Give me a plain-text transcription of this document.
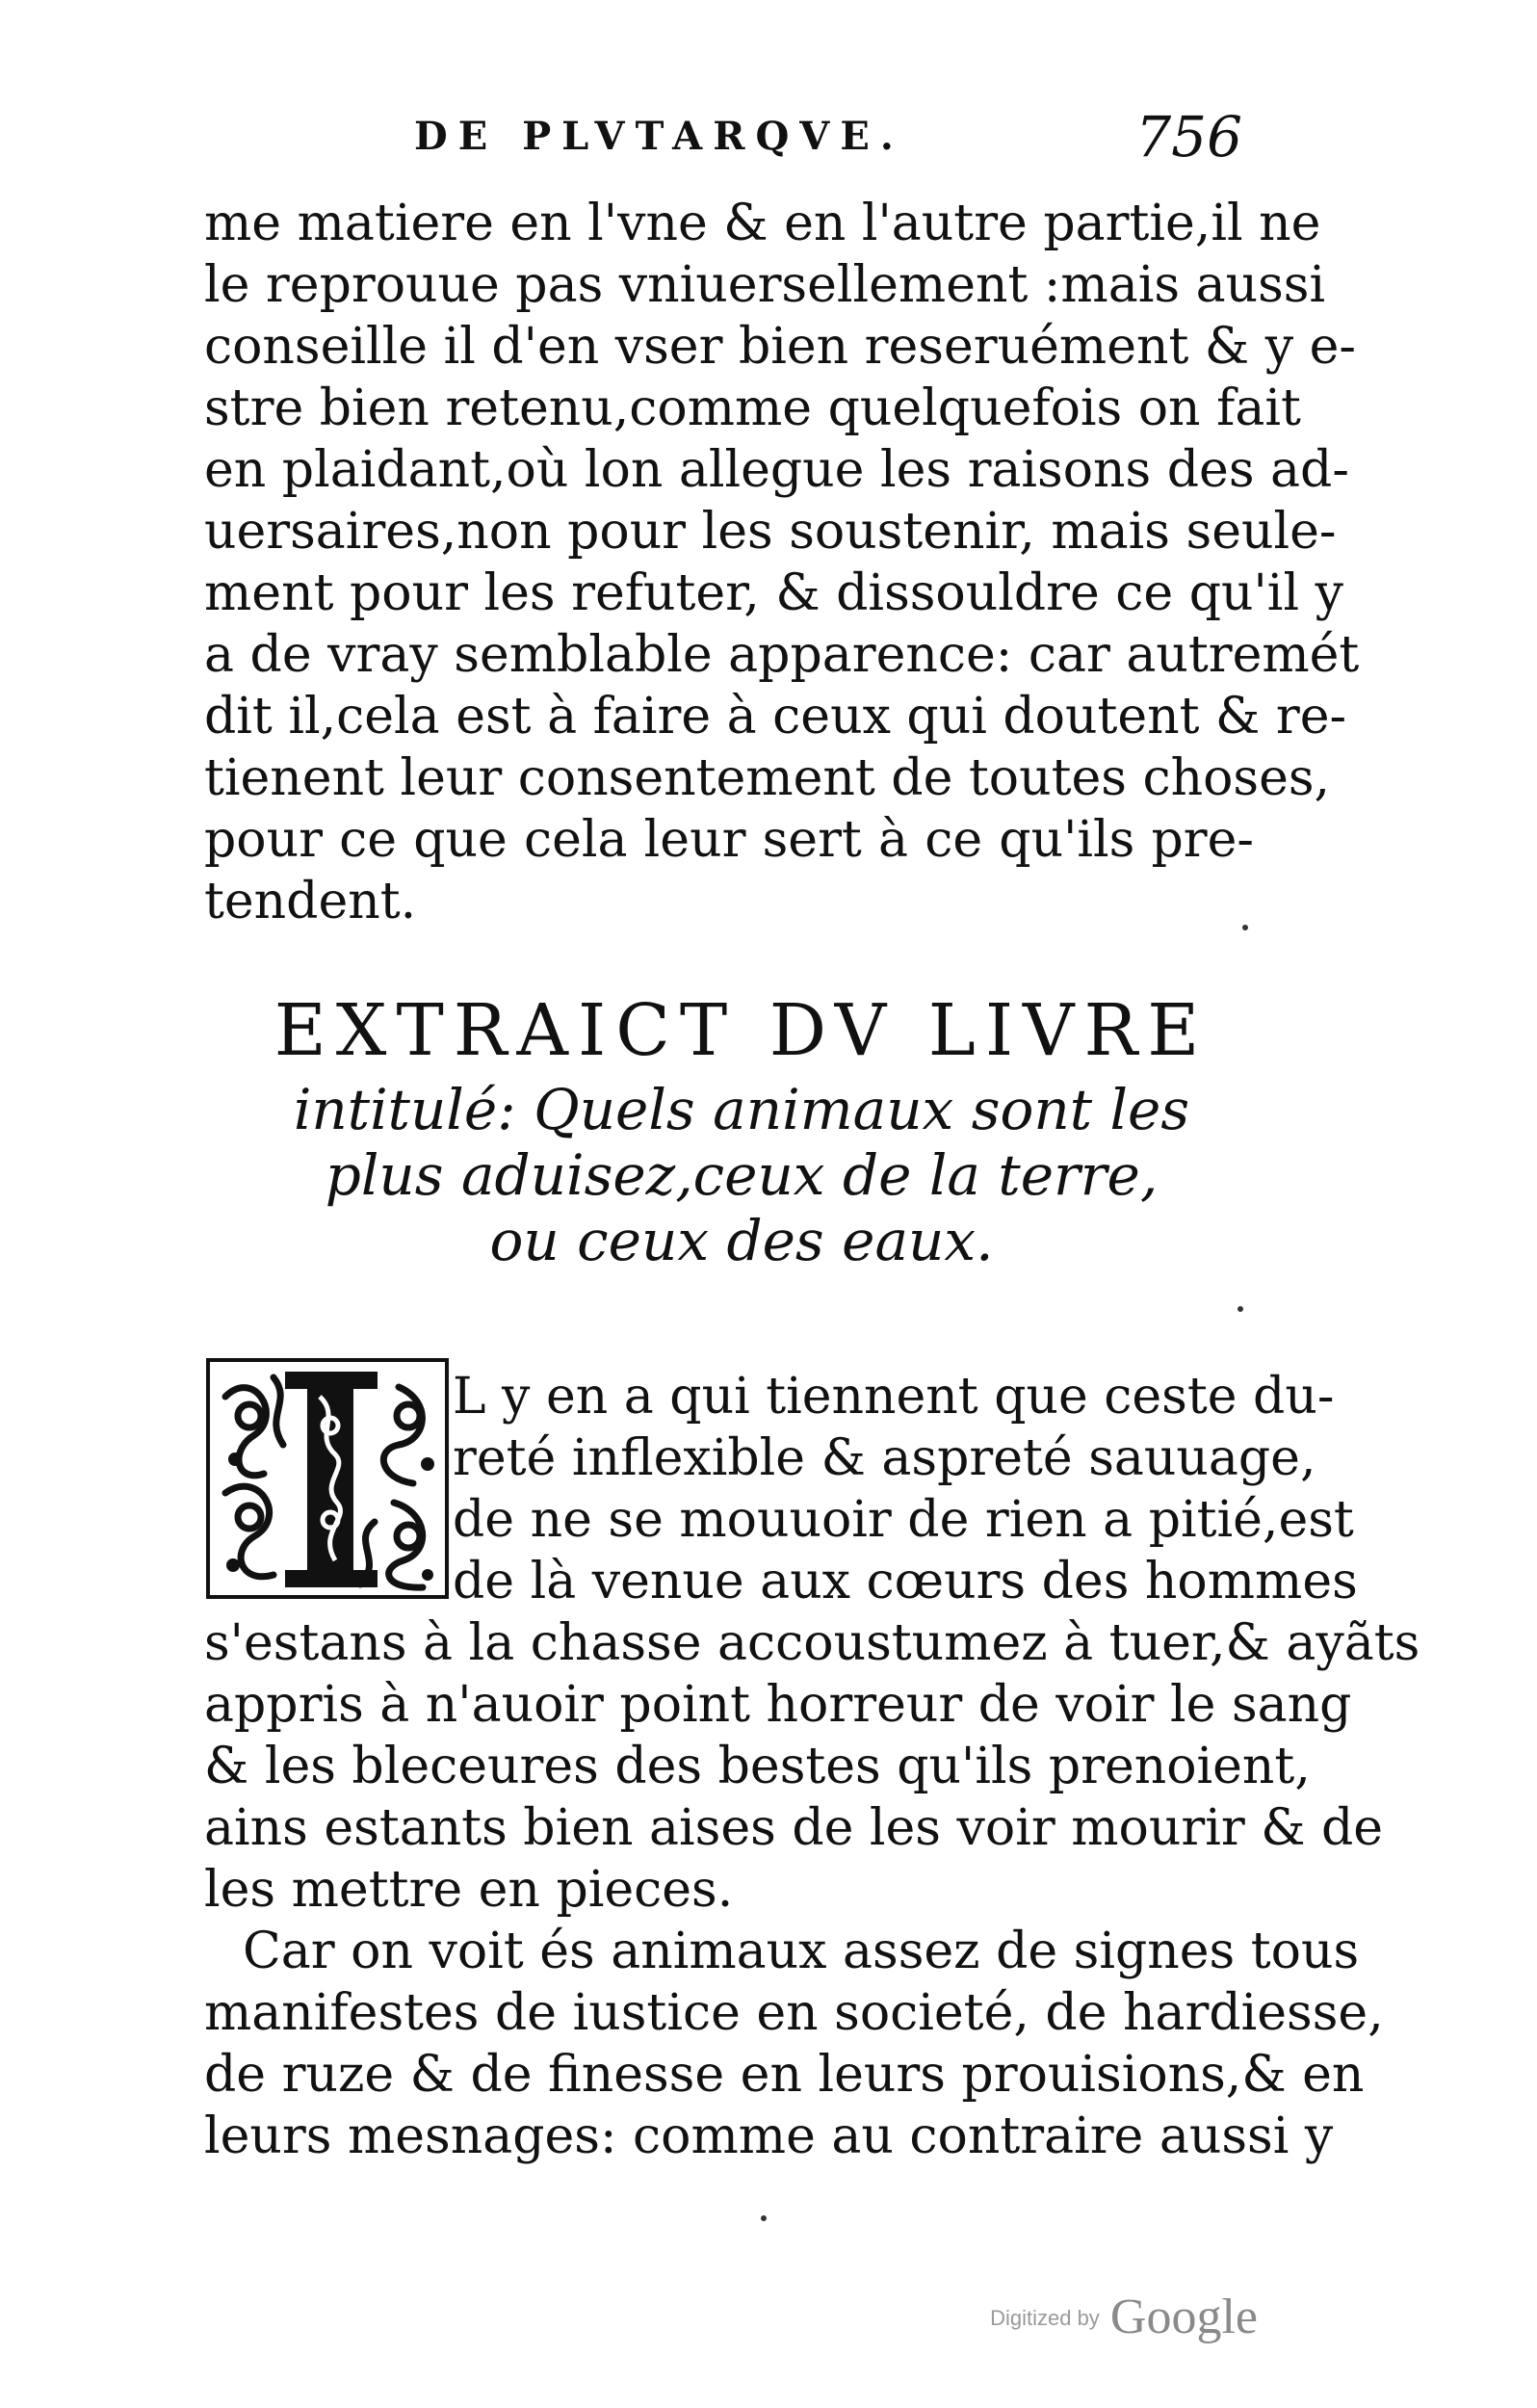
DE PLVTARQVE.	756
me matiere en l'vne & en l'autre partie,il ne
le reprouue pas vniuersellement :mais aussi
conseille il d'en vser bien reseruément & y e-
stre bien retenu,comme quelquefois on fait
en plaidant,où lon allegue les raisons des ad-
uersaires,non pour les soustenir, mais seule-
ment pour les refuter, & dissouldre ce qu'il y
a de vray semblable apparence: car autremét
dit il,cela est à faire à ceux qui doutent & re-
tienent leur consentement de toutes choses,
pour ce que cela leur sert à ce qu'ils pre-
tendent.
EXTRAICT DV LIVRE
intitulé: Quels animaux sont les
plus aduisez,ceux de la terre,
ou ceux des eaux.
L y en a qui tiennent que ceste du-
reté inflexible & aspreté sauuage,
de ne se mouuoir de rien a pitié,est
de là venue aux cœurs des hommes
s'estans à la chasse accoustumez à tuer,& ayãts
appris à n'auoir point horreur de voir le sang
& les bleceures des bestes qu'ils prenoient,
ains estants bien aises de les voir mourir & de
les mettre en pieces.
Car on voit és animaux assez de signes tous
manifestes de iustice en societé, de hardiesse,
de ruze & de finesse en leurs prouisions,& en
leurs mesnages: comme au contraire aussi y
Digitized by Google
